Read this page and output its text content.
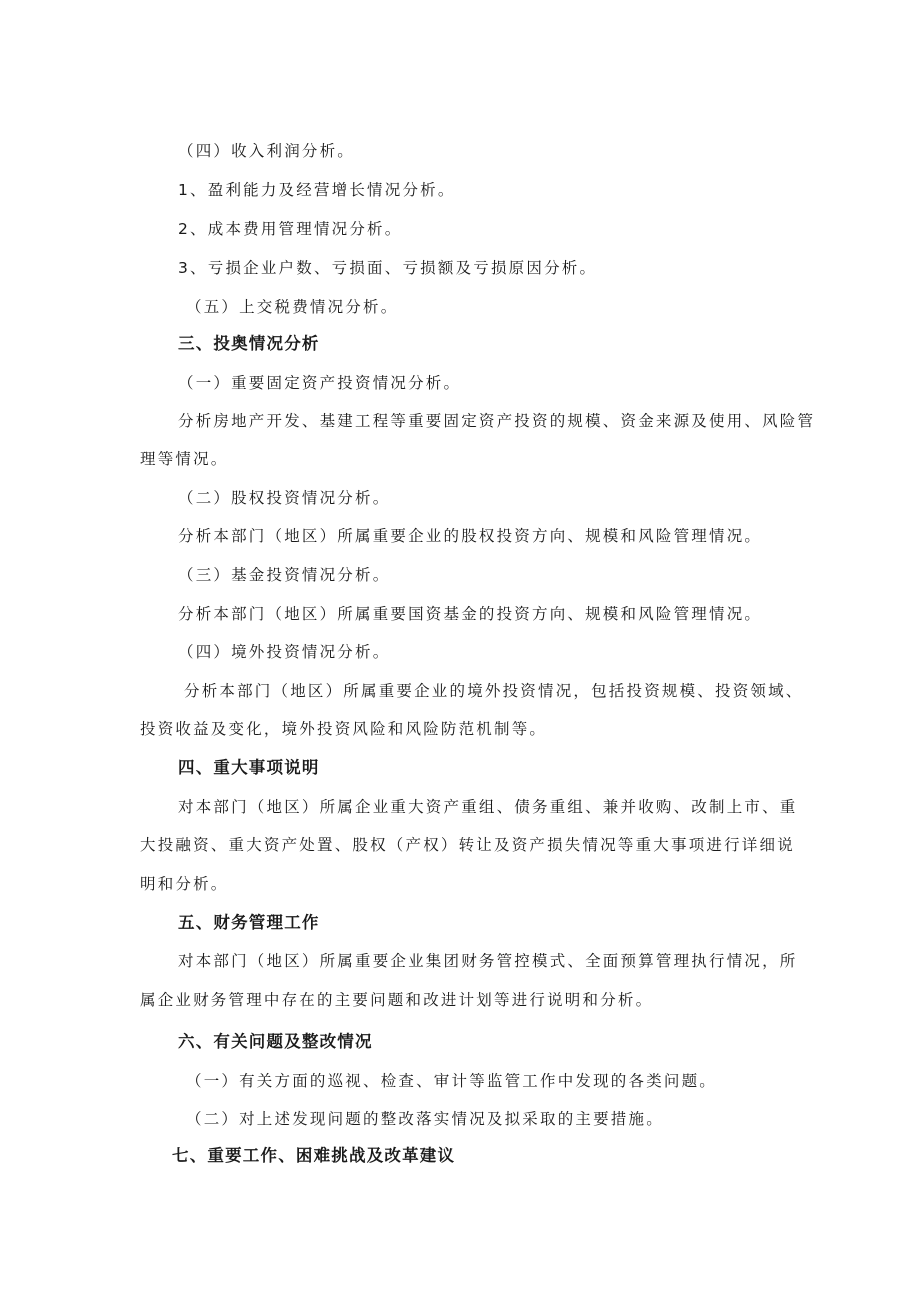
（四）收入利润分析。
1、盈利能力及经营增长情况分析。
2、成本费用管理情况分析。
3、亏损企业户数、亏损面、亏损额及亏损原因分析。
（五）上交税费情况分析。
三、投奥情况分析
（一）重要固定资产投资情况分析。
分析房地产开发、基建工程等重要固定资产投资的规模、资金来源及使用、风险管
理等情况。
（二）股权投资情况分析。
分析本部门（地区）所属重要企业的股权投资方向、规模和风险管理情况。
（三）基金投资情况分析。
分析本部门（地区）所属重要国资基金的投资方向、规模和风险管理情况。
（四）境外投资情况分析。
分析本部门（地区）所属重要企业的境外投资情况，包括投资规模、投资领域、
投资收益及变化，境外投资风险和风险防范机制等。
四、重大事项说明
对本部门（地区）所属企业重大资产重组、债务重组、兼并收购、改制上市、重
大投融资、重大资产处置、股权（产权）转让及资产损失情况等重大事项进行详细说
明和分析。
五、财务管理工作
对本部门（地区）所属重要企业集团财务管控模式、全面预算管理执行情况，所
属企业财务管理中存在的主要问题和改进计划等进行说明和分析。
六、有关问题及整改情况
（一）有关方面的巡视、检查、审计等监管工作中发现的各类问题。
（二）对上述发现问题的整改落实情况及拟采取的主要措施。
七、重要工作、困难挑战及改革建议
